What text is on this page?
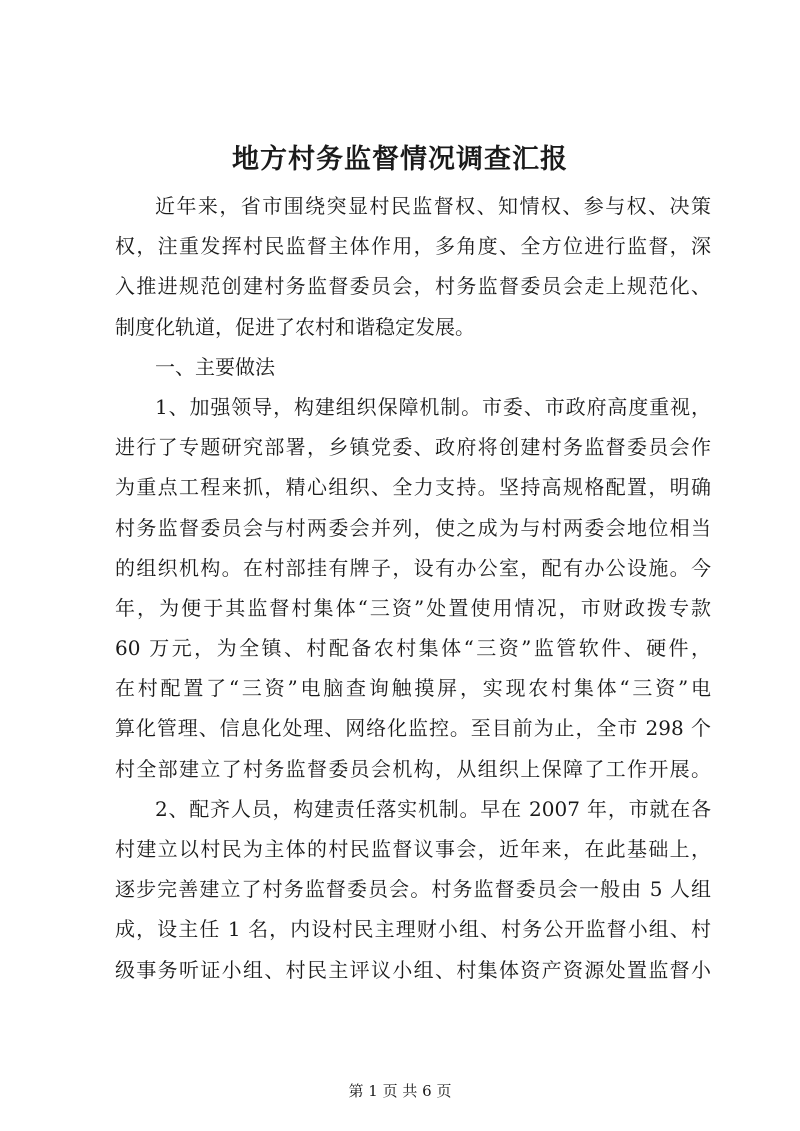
地方村务监督情况调查汇报

近年来，省市围绕突显村民监督权、知情权、参与权、决策

权，注重发挥村民监督主体作用，多角度、全方位进行监督，深

入推进规范创建村务监督委员会，村务监督委员会走上规范化、

制度化轨道，促进了农村和谐稳定发展。

一、主要做法

1、加强领导，构建组织保障机制。市委、市政府高度重视，

进行了专题研究部署，乡镇党委、政府将创建村务监督委员会作

为重点工程来抓，精心组织、全力支持。坚持高规格配置，明确

村务监督委员会与村两委会并列，使之成为与村两委会地位相当

的组织机构。在村部挂有牌子，设有办公室，配有办公设施。今

年，为便于其监督村集体“三资”处置使用情况，市财政拨专款

60 万元，为全镇、村配备农村集体“三资”监管软件、硬件，

在村配置了“三资”电脑查询触摸屏，实现农村集体“三资”电

算化管理、信息化处理、网络化监控。至目前为止，全市 298 个

村全部建立了村务监督委员会机构，从组织上保障了工作开展。

2、配齐人员，构建责任落实机制。早在 2007 年，市就在各

村建立以村民为主体的村民监督议事会，近年来，在此基础上，

逐步完善建立了村务监督委员会。村务监督委员会一般由 5 人组

成，设主任 1 名，内设村民主理财小组、村务公开监督小组、村

级事务听证小组、村民主评议小组、村集体资产资源处置监督小

第 1 页 共 6 页
